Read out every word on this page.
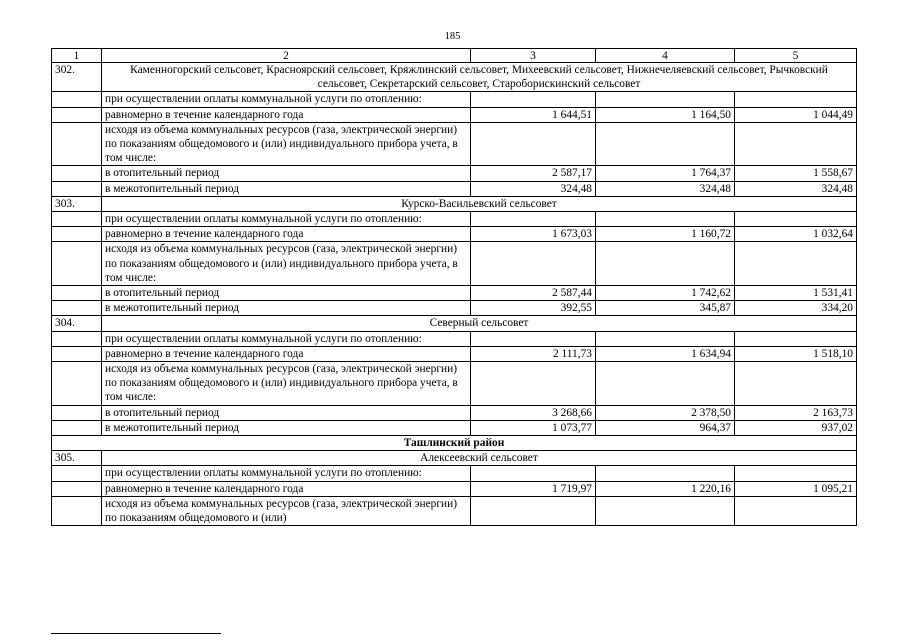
185
1	2	3	4	5
302.	Каменногорский сельсовет, Красноярский сельсовет, Кряжлинский сельсовет, Михеевский сельсовет, Нижнечеляевский сельсовет, Рычковский сельсовет, Секретарский сельсовет, Староборискинский сельсовет			
	при осуществлении оплаты коммунальной услуги по отоплению:			
	равномерно в течение календарного года	1 644,51	1 164,50	1 044,49
	исходя из объема коммунальных ресурсов (газа, электрической энергии) по показаниям общедомового и (или) индивидуального прибора учета, в том числе:			
	в отопительный период	2 587,17	1 764,37	1 558,67
	в межотопительный период	324,48	324,48	324,48
303.	Курско-Васильевский сельсовет			
	при осуществлении оплаты коммунальной услуги по отоплению:			
	равномерно в течение календарного года	1 673,03	1 160,72	1 032,64
	исходя из объема коммунальных ресурсов (газа, электрической энергии) по показаниям общедомового и (или) индивидуального прибора учета, в том числе:			
	в отопительный период	2 587,44	1 742,62	1 531,41
	в межотопительный период	392,55	345,87	334,20
304.	Северный сельсовет			
	при осуществлении оплаты коммунальной услуги по отоплению:			
	равномерно в течение календарного года	2 111,73	1 634,94	1 518,10
	исходя из объема коммунальных ресурсов (газа, электрической энергии) по показаниям общедомового и (или) индивидуального прибора учета, в том числе:			
	в отопительный период	3 268,66	2 378,50	2 163,73
	в межотопительный период	1 073,77	964,37	937,02
Ташлинский район				
305.	Алексеевский сельсовет			
	при осуществлении оплаты коммунальной услуги по отоплению:			
	равномерно в течение календарного года	1 719,97	1 220,16	1 095,21
	исходя из объема коммунальных ресурсов (газа, электрической энергии) по показаниям общедомового и (или)			
